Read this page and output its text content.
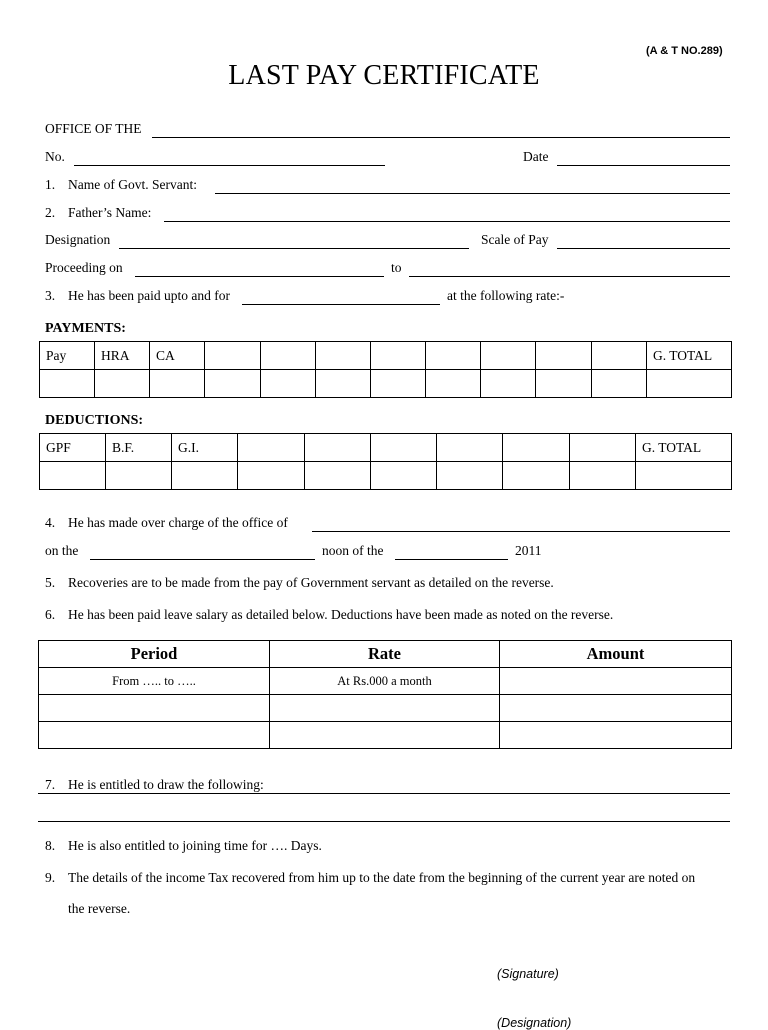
(A & T NO.289)
LAST PAY CERTIFICATE
OFFICE OF THE
No.	Date
1. Name of Govt. Servant:
2. Father’s Name:
Designation	Scale of Pay
Proceeding on	to
3. He has been paid upto and for	at the following rate:-
PAYMENTS:
Pay	HRA	CA									G. TOTAL

DEDUCTIONS:
GPF	B.F.	G.I.							G. TOTAL

4. He has made over charge of the office of
on the	noon of the	2011
5. Recoveries are to be made from the pay of Government servant as detailed on the reverse.
6. He has been paid leave salary as detailed below. Deductions have been made as noted on the reverse.
Period	Rate	Amount
From ….. to …..	At Rs.000 a month	

7. He is entitled to draw the following:
8. He is also entitled to joining time for …. Days.
9. The details of the income Tax recovered from him up to the date from the beginning of the current year are noted on
the reverse.
(Signature)
(Designation)
